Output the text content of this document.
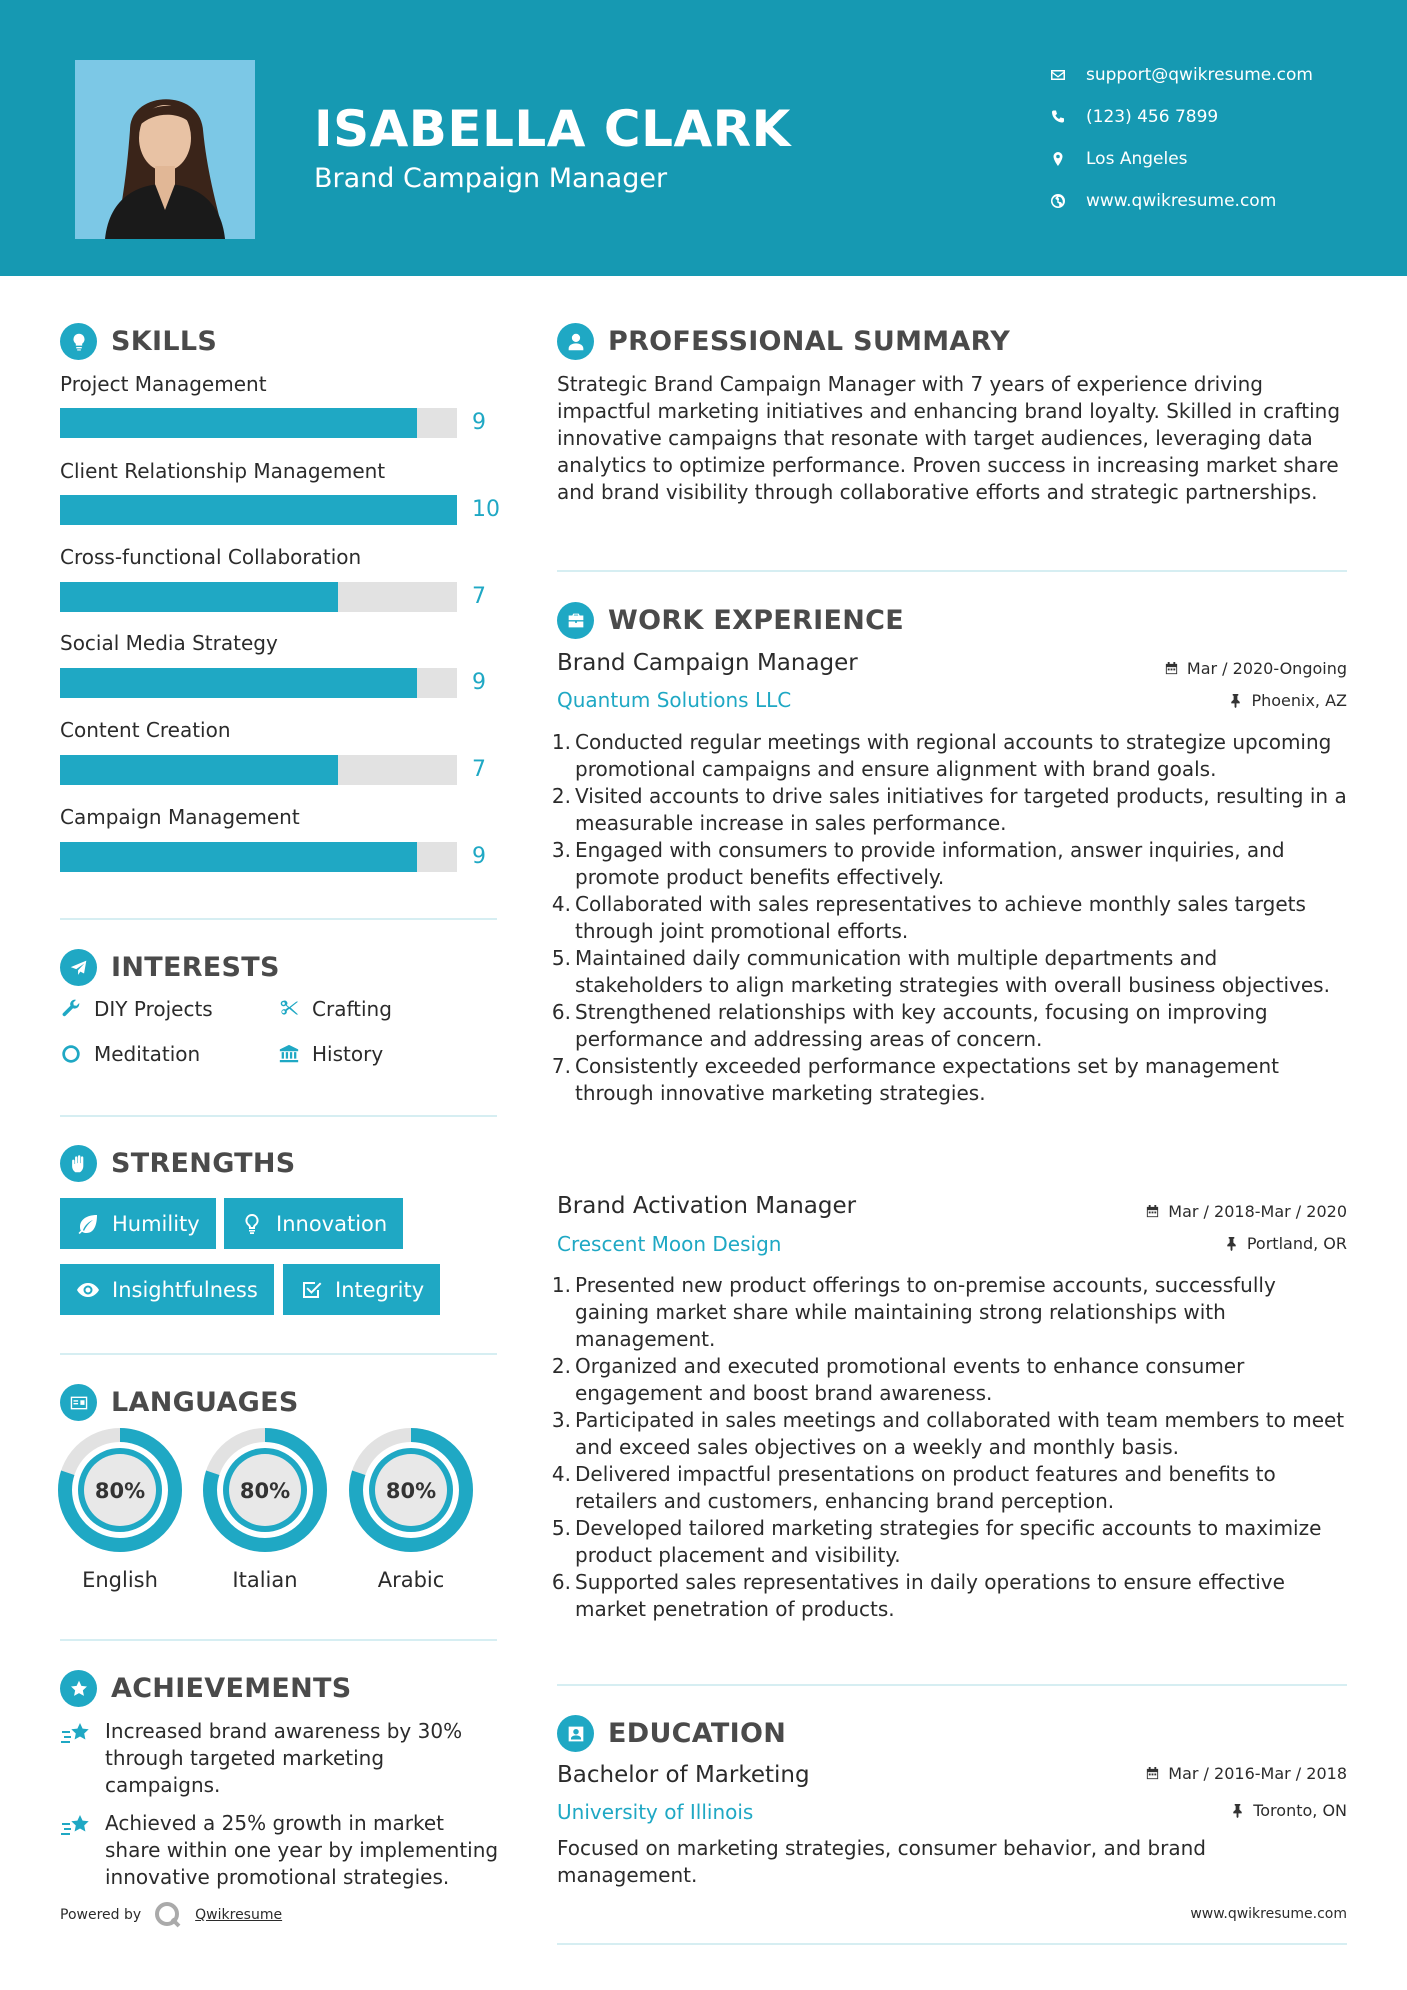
ISABELLA CLARK
Brand Campaign Manager
support@qwikresume.com
(123) 456 7899
Los Angeles
www.qwikresume.com
SKILLS
Project Management
9
Client Relationship Management
10
Cross-functional Collaboration
7
Social Media Strategy
9
Content Creation
7
Campaign Management
9
INTERESTS
DIY Projects	Crafting
Meditation	History
STRENGTHS
Humility	Innovation
Insightfulness	Integrity
LANGUAGES
80%
English
80%
Italian
80%
Arabic
ACHIEVEMENTS
Increased brand awareness by 30% through targeted marketing campaigns.
Achieved a 25% growth in market share within one year by implementing innovative promotional strategies.
PROFESSIONAL SUMMARY
Strategic Brand Campaign Manager with 7 years of experience driving impactful marketing initiatives and enhancing brand loyalty. Skilled in crafting innovative campaigns that resonate with target audiences, leveraging data analytics to optimize performance. Proven success in increasing market share and brand visibility through collaborative efforts and strategic partnerships.
WORK EXPERIENCE
Brand Campaign Manager	Mar / 2020-Ongoing
Quantum Solutions LLC	Phoenix, AZ
1. Conducted regular meetings with regional accounts to strategize upcoming promotional campaigns and ensure alignment with brand goals.
2. Visited accounts to drive sales initiatives for targeted products, resulting in a measurable increase in sales performance.
3. Engaged with consumers to provide information, answer inquiries, and promote product benefits effectively.
4. Collaborated with sales representatives to achieve monthly sales targets through joint promotional efforts.
5. Maintained daily communication with multiple departments and stakeholders to align marketing strategies with overall business objectives.
6. Strengthened relationships with key accounts, focusing on improving performance and addressing areas of concern.
7. Consistently exceeded performance expectations set by management through innovative marketing strategies.
Brand Activation Manager	Mar / 2018-Mar / 2020
Crescent Moon Design	Portland, OR
1. Presented new product offerings to on-premise accounts, successfully gaining market share while maintaining strong relationships with management.
2. Organized and executed promotional events to enhance consumer engagement and boost brand awareness.
3. Participated in sales meetings and collaborated with team members to meet and exceed sales objectives on a weekly and monthly basis.
4. Delivered impactful presentations on product features and benefits to retailers and customers, enhancing brand perception.
5. Developed tailored marketing strategies for specific accounts to maximize product placement and visibility.
6. Supported sales representatives in daily operations to ensure effective market penetration of products.
EDUCATION
Bachelor of Marketing	Mar / 2016-Mar / 2018
University of Illinois	Toronto, ON
Focused on marketing strategies, consumer behavior, and brand management.
Powered by	Qwikresume	www.qwikresume.com
